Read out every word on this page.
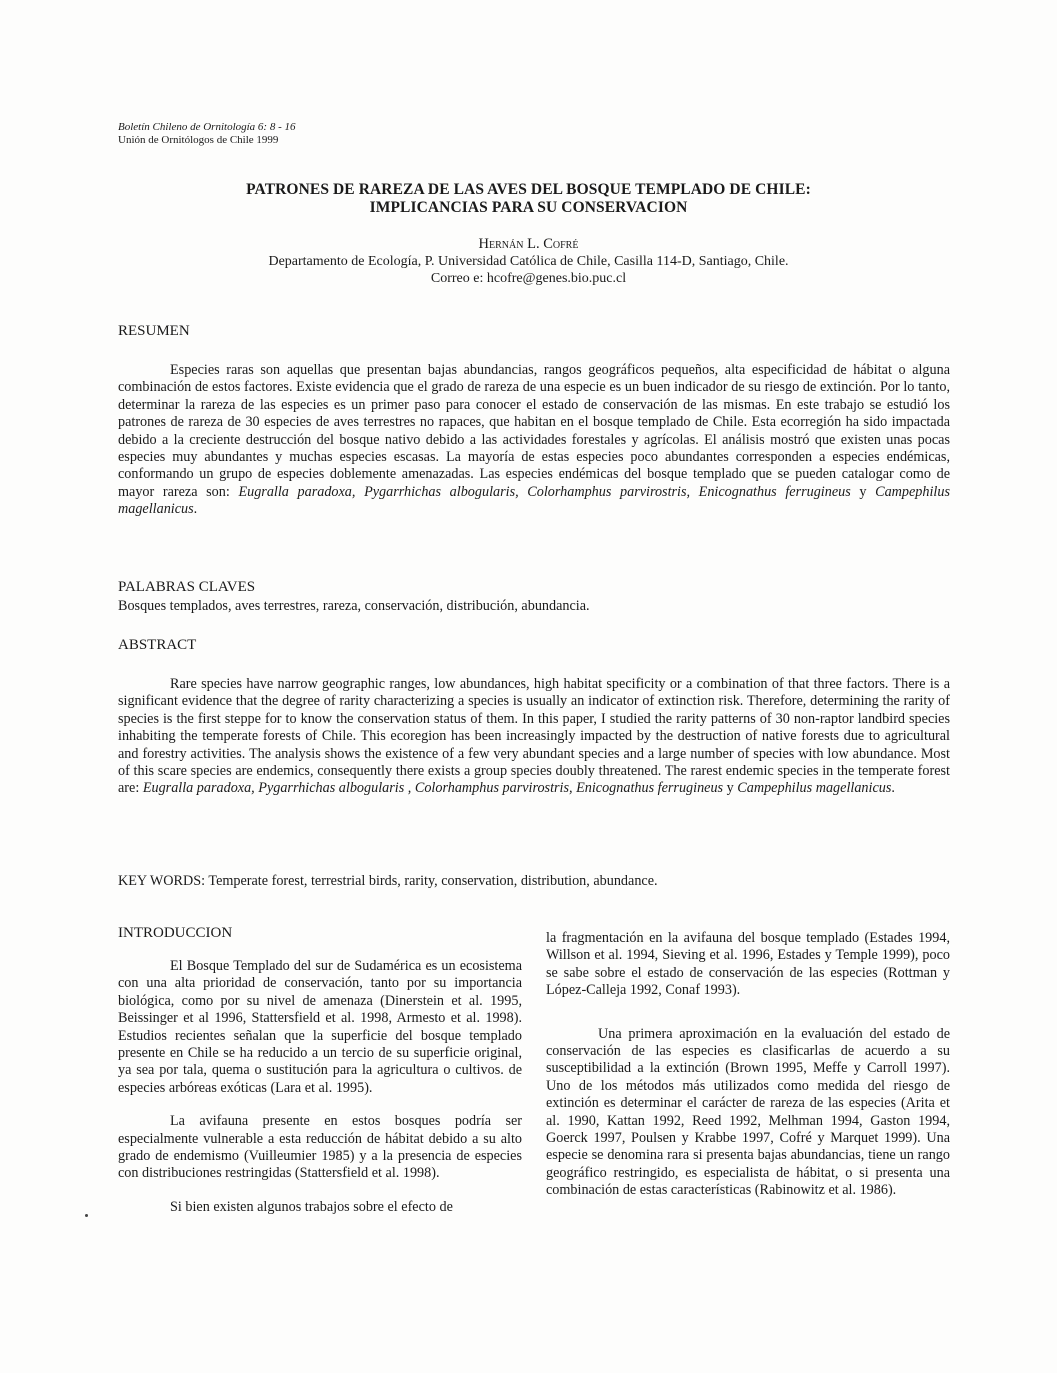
Boletín Chileno de Ornitología 6: 8 - 16
Unión de Ornitólogos de Chile 1999
PATRONES DE RAREZA DE LAS AVES DEL BOSQUE TEMPLADO DE CHILE:
IMPLICANCIAS PARA SU CONSERVACION
Hernán L. Cofré
Departamento de Ecología, P. Universidad Católica de Chile, Casilla 114-D, Santiago, Chile.
Correo e: hcofre@genes.bio.puc.cl
RESUMEN
Especies raras son aquellas que presentan bajas abundancias, rangos geográficos pequeños, alta especificidad de hábitat o alguna combinación de estos factores. Existe evidencia que el grado de rareza de una especie es un buen indicador de su riesgo de extinción. Por lo tanto, determinar la rareza de las especies es un primer paso para conocer el estado de conservación de las mismas. En este trabajo se estudió los patrones de rareza de 30 especies de aves terrestres no rapaces, que habitan en el bosque templado de Chile. Esta ecorregión ha sido impactada debido a la creciente destrucción del bosque nativo debido a las actividades forestales y agrícolas. El análisis mostró que existen unas pocas especies muy abundantes y muchas especies escasas. La mayoría de estas especies poco abundantes corresponden a especies endémicas, conformando un grupo de especies doblemente amenazadas. Las especies endémicas del bosque templado que se pueden catalogar como de mayor rareza son: Eugralla paradoxa, Pygarrhichas albogularis, Colorhamphus parvirostris, Enicognathus ferrugineus y Campephilus magellanicus.
PALABRAS CLAVES
Bosques templados, aves terrestres, rareza, conservación, distribución, abundancia.
ABSTRACT
Rare species have narrow geographic ranges, low abundances, high habitat specificity or a combination of that three factors. There is a significant evidence that the degree of rarity characterizing a species is usually an indicator of extinction risk. Therefore, determining the rarity of species is the first steppe for to know the conservation status of them. In this paper, I studied the rarity patterns of 30 non-raptor landbird species inhabiting the temperate forests of Chile. This ecoregion has been increasingly impacted by the destruction of native forests due to agricultural and forestry activities. The analysis shows the existence of a few very abundant species and a large number of species with low abundance. Most of this scare species are endemics, consequently there exists a group species doubly threatened. The rarest endemic species in the temperate forest are: Eugralla paradoxa, Pygarrhichas albogularis , Colorhamphus parvirostris, Enicognathus ferrugineus y Campephilus magellanicus.
KEY WORDS: Temperate forest, terrestrial birds, rarity, conservation, distribution, abundance.
INTRODUCCION

El Bosque Templado del sur de Sudamérica es un ecosistema con una alta prioridad de conservación, tanto por su importancia biológica, como por su nivel de amenaza (Dinerstein et al. 1995, Beissinger et al 1996, Stattersfield et al. 1998, Armesto et al. 1998). Estudios recientes señalan que la superficie del bosque templado presente en Chile se ha reducido a un tercio de su superficie original, ya sea por tala, quema o sustitución para la agricultura o cultivos. de especies arbóreas exóticas (Lara et al. 1995).

La avifauna presente en estos bosques podría ser especialmente vulnerable a esta reducción de hábitat debido a su alto grado de endemismo (Vuilleumier 1985) y a la presencia de especies con distribuciones restringidas (Stattersfield et al. 1998).

Si bien existen algunos trabajos sobre el efecto de

la fragmentación en la avifauna del bosque templado (Estades 1994, Willson et al. 1994, Sieving et al. 1996, Estades y Temple 1999), poco se sabe sobre el estado de conservación de las especies (Rottman y López-Calleja 1992, Conaf 1993).

Una primera aproximación en la evaluación del estado de conservación de las especies es clasificarlas de acuerdo a su susceptibilidad a la extinción (Brown 1995, Meffe y Carroll 1997). Uno de los métodos más utilizados como medida del riesgo de extinción es determinar el carácter de rareza de las especies (Arita et al. 1990, Kattan 1992, Reed 1992, Melhman 1994, Gaston 1994, Goerck 1997, Poulsen y Krabbe 1997, Cofré y Marquet 1999). Una especie se denomina rara si presenta bajas abundancias, tiene un rango geográfico restringido, es especialista de hábitat, o si presenta una combinación de estas características (Rabinowitz et al. 1986).
